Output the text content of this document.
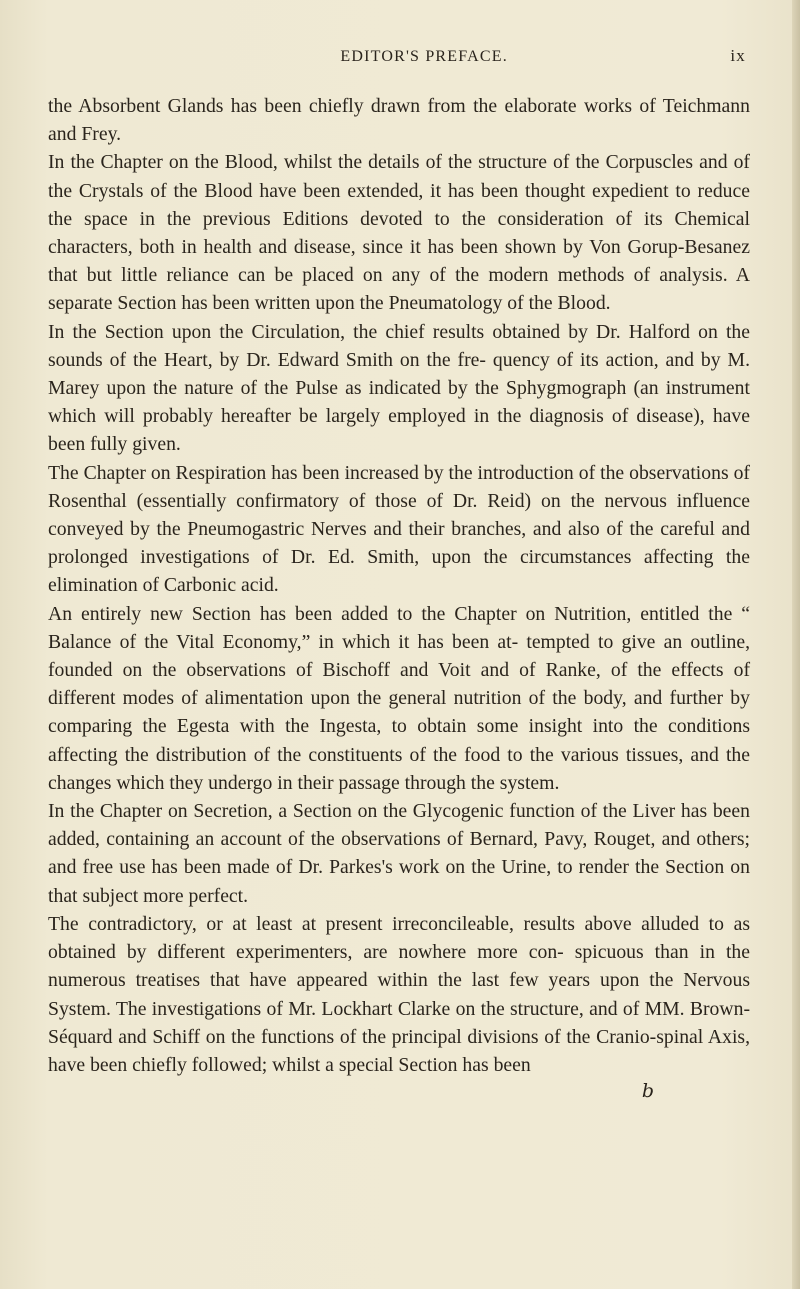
EDITOR'S PREFACE.	ix

the Absorbent Glands has been chiefly drawn from the elaborate works of Teichmann and Frey.

In the Chapter on the Blood, whilst the details of the structure of the Corpuscles and of the Crystals of the Blood have been extended, it has been thought expedient to reduce the space in the previous Editions devoted to the consideration of its Chemical characters, both in health and disease, since it has been shown by Von Gorup-Besanez that but little reliance can be placed on any of the modern methods of analysis. A separate Section has been written upon the Pneumatology of the Blood.

In the Section upon the Circulation, the chief results obtained by Dr. Halford on the sounds of the Heart, by Dr. Edward Smith on the fre- quency of its action, and by M. Marey upon the nature of the Pulse as indicated by the Sphygmograph (an instrument which will probably hereafter be largely employed in the diagnosis of disease), have been fully given.

The Chapter on Respiration has been increased by the introduction of the observations of Rosenthal (essentially confirmatory of those of Dr. Reid) on the nervous influence conveyed by the Pneumogastric Nerves and their branches, and also of the careful and prolonged investigations of Dr. Ed. Smith, upon the circumstances affecting the elimination of Carbonic acid.

An entirely new Section has been added to the Chapter on Nutrition, entitled the “ Balance of the Vital Economy,” in which it has been at- tempted to give an outline, founded on the observations of Bischoff and Voit and of Ranke, of the effects of different modes of alimentation upon the general nutrition of the body, and further by comparing the Egesta with the Ingesta, to obtain some insight into the conditions affecting the distribution of the constituents of the food to the various tissues, and the changes which they undergo in their passage through the system.

In the Chapter on Secretion, a Section on the Glycogenic function of the Liver has been added, containing an account of the observations of Bernard, Pavy, Rouget, and others; and free use has been made of Dr. Parkes's work on the Urine, to render the Section on that subject more perfect.

The contradictory, or at least at present irreconcileable, results above alluded to as obtained by different experimenters, are nowhere more con- spicuous than in the numerous treatises that have appeared within the last few years upon the Nervous System. The investigations of Mr. Lockhart Clarke on the structure, and of MM. Brown-Séquard and Schiff on the functions of the principal divisions of the Cranio-spinal Axis, have been chiefly followed; whilst a special Section has been

b
